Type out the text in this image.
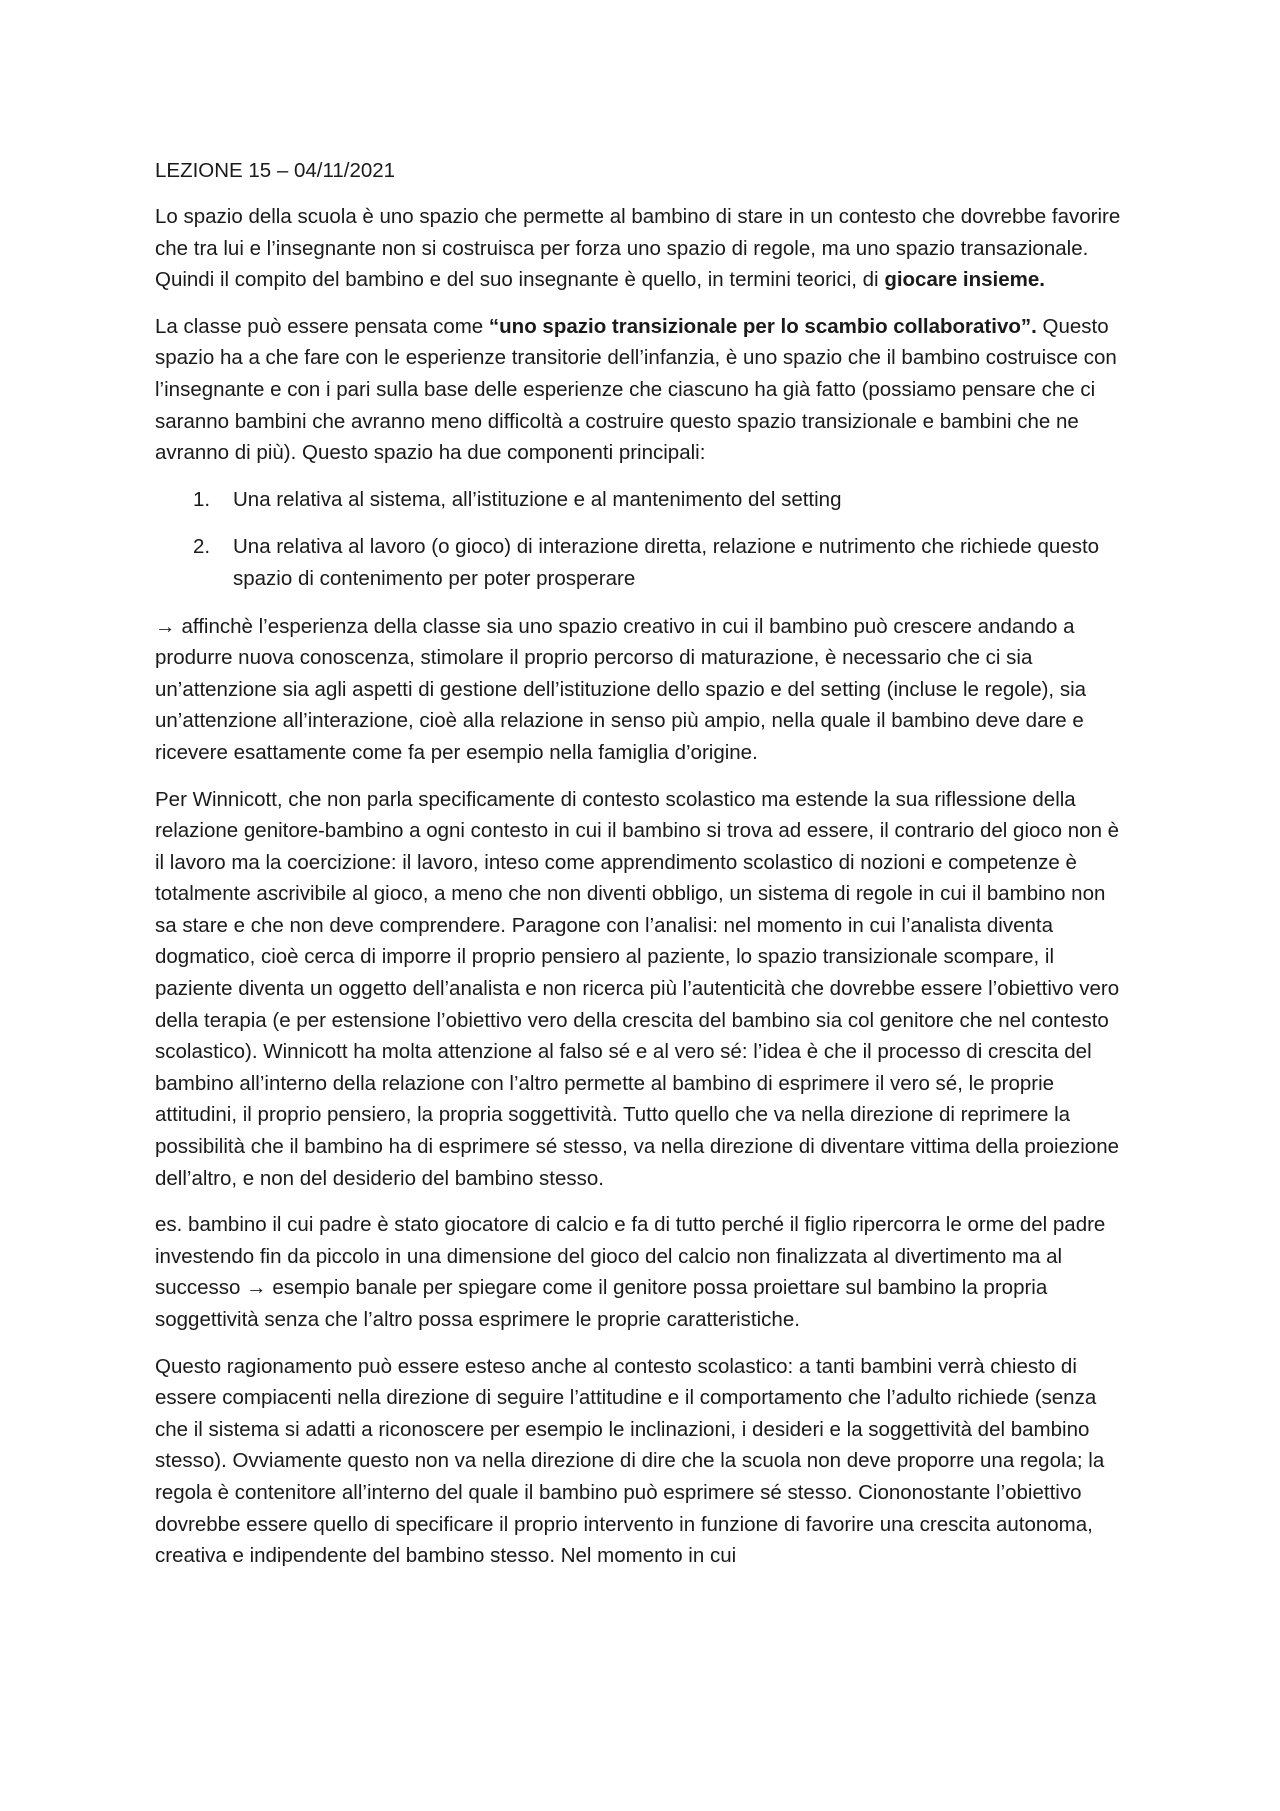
LEZIONE 15 – 04/11/2021

Lo spazio della scuola è uno spazio che permette al bambino di stare in un contesto che dovrebbe favorire che tra lui e l’insegnante non si costruisca per forza uno spazio di regole, ma uno spazio transazionale. Quindi il compito del bambino e del suo insegnante è quello, in termini teorici, di giocare insieme.

La classe può essere pensata come “uno spazio transizionale per lo scambio collaborativo”. Questo spazio ha a che fare con le esperienze transitorie dell’infanzia, è uno spazio che il bambino costruisce con l’insegnante e con i pari sulla base delle esperienze che ciascuno ha già fatto (possiamo pensare che ci saranno bambini che avranno meno difficoltà a costruire questo spazio transizionale e bambini che ne avranno di più). Questo spazio ha due componenti principali:

1. Una relativa al sistema, all’istituzione e al mantenimento del setting
2. Una relativa al lavoro (o gioco) di interazione diretta, relazione e nutrimento che richiede questo spazio di contenimento per poter prosperare

→ affinchè l’esperienza della classe sia uno spazio creativo in cui il bambino può crescere andando a produrre nuova conoscenza, stimolare il proprio percorso di maturazione, è necessario che ci sia un’attenzione sia agli aspetti di gestione dell’istituzione dello spazio e del setting (incluse le regole), sia un’attenzione all’interazione, cioè alla relazione in senso più ampio, nella quale il bambino deve dare e ricevere esattamente come fa per esempio nella famiglia d’origine.

Per Winnicott, che non parla specificamente di contesto scolastico ma estende la sua riflessione della relazione genitore-bambino a ogni contesto in cui il bambino si trova ad essere, il contrario del gioco non è il lavoro ma la coercizione: il lavoro, inteso come apprendimento scolastico di nozioni e competenze è totalmente ascrivibile al gioco, a meno che non diventi obbligo, un sistema di regole in cui il bambino non sa stare e che non deve comprendere. Paragone con l’analisi: nel momento in cui l’analista diventa dogmatico, cioè cerca di imporre il proprio pensiero al paziente, lo spazio transizionale scompare, il paziente diventa un oggetto dell’analista e non ricerca più l’autenticità che dovrebbe essere l’obiettivo vero della terapia (e per estensione l’obiettivo vero della crescita del bambino sia col genitore che nel contesto scolastico). Winnicott ha molta attenzione al falso sé e al vero sé: l’idea è che il processo di crescita del bambino all’interno della relazione con l’altro permette al bambino di esprimere il vero sé, le proprie attitudini, il proprio pensiero, la propria soggettività. Tutto quello che va nella direzione di reprimere la possibilità che il bambino ha di esprimere sé stesso, va nella direzione di diventare vittima della proiezione dell’altro, e non del desiderio del bambino stesso.

es. bambino il cui padre è stato giocatore di calcio e fa di tutto perché il figlio ripercorra le orme del padre investendo fin da piccolo in una dimensione del gioco del calcio non finalizzata al divertimento ma al successo → esempio banale per spiegare come il genitore possa proiettare sul bambino la propria soggettività senza che l’altro possa esprimere le proprie caratteristiche.

Questo ragionamento può essere esteso anche al contesto scolastico: a tanti bambini verrà chiesto di essere compiacenti nella direzione di seguire l’attitudine e il comportamento che l’adulto richiede (senza che il sistema si adatti a riconoscere per esempio le inclinazioni, i desideri e la soggettività del bambino stesso). Ovviamente questo non va nella direzione di dire che la scuola non deve proporre una regola; la regola è contenitore all’interno del quale il bambino può esprimere sé stesso. Ciononostante l’obiettivo dovrebbe essere quello di specificare il proprio intervento in funzione di favorire una crescita autonoma, creativa e indipendente del bambino stesso. Nel momento in cui
